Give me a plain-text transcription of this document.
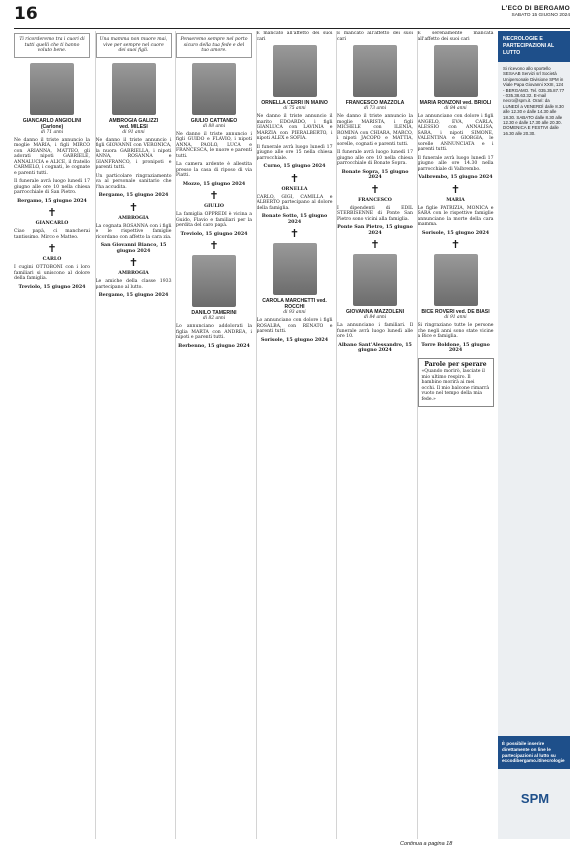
16	L'ECO DI BERGAMO
SABATO 15 GIUGNO 2024
Ti ricorderemo tra i cuori di tutti quelli che ti hanno voluto bene.
GIANCARLO ANGIOLINI
(Carlone)
di 71 anni
Ne danno il triste annuncio la moglie MARIA, i figli MIRCO con ARIANNA, MATTEO, gli adorati nipoti GABRIELE, ANNALUCIA e ALICE, il fratello CARMELO, i cognati, le cognate e parenti tutti.
Il funerale avrà luogo lunedì 17 giugno alle ore 10 nella chiesa parrocchiale di San Pietro.
Bergamo, 15 giugno 2024
✝
GIANCARLO
Ciao papà, ci mancherai tantissimo. Mirco e Matteo.
✝
CARLO
I cugini OTTOBONI con i loro familiari si uniscono al dolore della famiglia.
Treviolo, 15 giugno 2024
Una mamma non muore mai, vive per sempre nel cuore dei suoi figli.
AMBROGIA GALIZZI
ved. MILESI
di 91 anni
Ne danno il triste annuncio i figli GIOVANNI con VERONICA, la nuora GABRIELLA, i nipoti ANNA, ROSANNA e GIANFRANCO, i pronipoti e parenti tutti.
Un particolare ringraziamento va al personale sanitario che l'ha accudita.
Bergamo, 15 giugno 2024
✝
AMBROGIA
La cognata ROSANNA con i figli e le rispettive famiglie ricordano con affetto la cara zia.
San Giovanni Bianco, 15 giugno 2024
✝
AMBROGIA
Le amiche della classe 1933 partecipano al lutto.
Bergamo, 15 giugno 2024
Penseremo sempre nel porto sicuro della tua fede e del tuo amore.
GIULIO CATTANEO
di 88 anni
Ne danno il triste annuncio i figli GUIDO e FLAVIO, i nipoti ANNA, PAOLO, LUCA e FRANCESCA, le nuore e parenti tutti.
La camera ardente è allestita presso la casa di riposo di via Piatti.
Mozzo, 15 giugno 2024
✝
GIULIO
La famiglia OPPREDI è vicina a Guido, Flavio e familiari per la perdita del caro papà.
Treviolo, 15 giugno 2024
✝
DANILO TAMERINI
di 82 anni
Lo annunciano addolorati la figlia MARTA con ANDREA, i nipoti e parenti tutti.
Berbenno, 15 giugno 2024
È mancato all'affetto dei suoi cari
ORNELLA CERRI IN MAINO
di 75 anni
Ne danno il triste annuncio il marito EDOARDO, i figli GIANLUCA con LAVINIA e MARZIA con PIERALBERTO, i nipoti ALEX e SOFIA.
Il funerale avrà luogo lunedì 17 giugno alle ore 15 nella chiesa parrocchiale.
Curno, 15 giugno 2024
✝
ORNELLA
CARLO, GIGI, CAMILLA e ALBERTO partecipano al dolore della famiglia.
Bonate Sotto, 15 giugno 2024
✝
CAROLA MARCHETTI ved. ROCCHI
di 93 anni
Lo annunciano con dolore i figli ROSALBA, con RENATO e parenti tutti.
Sorisole, 15 giugno 2024
È mancato all'affetto dei suoi cari
FRANCESCO MAZZOLA
di 73 anni
Ne danno il triste annuncio la moglie MARISTA, i figli MICHELE con ILENIA, ROMINA con CHIARA, MARCO, i nipoti JACOPO e MATTIA, sorelle, cognati e parenti tutti.
Il funerale avrà luogo lunedì 17 giugno alle ore 10 nella chiesa parrocchiale di Bonate Sopra.
Bonate Sopra, 15 giugno 2024
✝
FRANCESCO
I dipendenti di EDIL STERBISENNE di Ponte San Pietro sono vicini alla famiglia.
Ponte San Pietro, 15 giugno 2024
✝
GIOVANNA MAZZOLENI
di 84 anni
La annunciano i familiari. Il funerale avrà luogo lunedì alle ore 10.
Albano Sant'Alessandro, 15 giugno 2024
È serenamente mancata all'affetto dei suoi cari
MARIA RONZONI ved. BRIOLI
di 84 anni
Lo annunciano con dolore i figli ANGELO, EVA, CARLA, ALESSIO con ANNALISA, SARA, i nipoti SIMONE, VALENTINA e GIORGIA, le sorelle ANNUNCIATA e i parenti tutti.
Il funerale avrà luogo lunedì 17 giugno alle ore 14.30 nella parrocchiale di Valbrembo.
Valbrembo, 15 giugno 2024
✝
MARIA
Le figlie PATRIZIA, MONICA e SARA con le rispettive famiglie annunciano la morte della cara mamma.
Sorisole, 15 giugno 2024
✝
BICE ROVERI ved. DE BIASI
di 91 anni
Si ringraziano tutte le persone che negli anni sono state vicine a Bice e famiglia.
Torre Boldone, 15 giugno 2024
Parole per sperare
«Quando morirò, lasciate il mio ultimo respiro. Il bambino morirà ai mei occhi. Il mio balcone rimarrà vuoto nel tempo della mia fede.»
NECROLOGIE E PARTECIPAZIONI AL LUTTO
Si ricevono allo sportello SESAAB Servizi srl Società Unipersonale Divisione SPM in Viale Papa Giovanni XXIII, 124 - BERGAMO. Tel. 035.35.87.77 - 035.38.63.32. E-mail necro@spm.it. Orari: da LUNEDÌ a VENERDÌ dalle 8.30 alle 12.30 e dalle 14.30 alle 18.30. SABATO dalle 8.30 alle 12.30 e dalle 17.30 alle 20.30. DOMENICA E FESTIVI dalle 16.30 alle 20.30.
È possibile inserire direttamente on line le partecipazioni al lutto su eccodibergamo.it/necrologie
SPM
Continua a pagina 18
